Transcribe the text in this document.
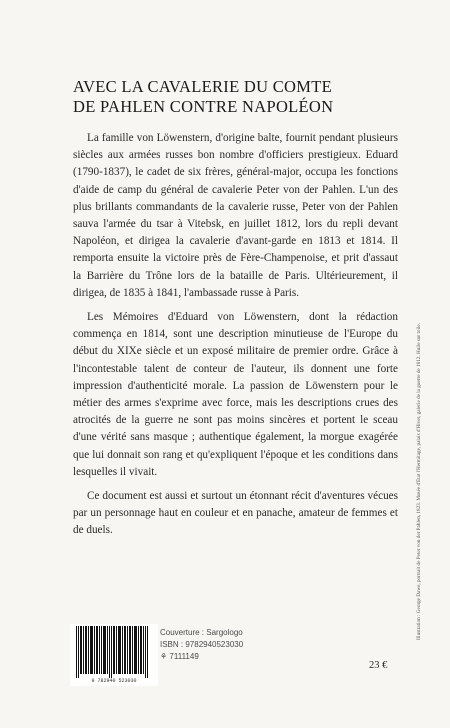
AVEC LA CAVALERIE DU COMTE
DE PAHLEN CONTRE NAPOLÉON

La famille von Löwenstern, d'origine balte, fournit pendant plusieurs siècles aux armées russes bon nombre d'officiers prestigieux. Eduard (1790-1837), le cadet de six frères, général-major, occupa les fonctions d'aide de camp du général de cavalerie Peter von der Pahlen. L'un des plus brillants commandants de la cavalerie russe, Peter von der Pahlen sauva l'armée du tsar à Vitebsk, en juillet 1812, lors du repli devant Napoléon, et dirigea la cavalerie d'avant-garde en 1813 et 1814. Il remporta ensuite la victoire près de Fère-Champenoise, et prit d'assaut la Barrière du Trône lors de la bataille de Paris. Ultérieurement, il dirigea, de 1835 à 1841, l'ambassade russe à Paris.

Les Mémoires d'Eduard von Löwenstern, dont la rédaction commença en 1814, sont une description minutieuse de l'Europe du début du XIXe siècle et un exposé militaire de premier ordre. Grâce à l'incontestable talent de conteur de l'auteur, ils donnent une forte impression d'authenticité morale. La passion de Löwenstern pour le métier des armes s'exprime avec force, mais les descriptions crues des atrocités de la guerre ne sont pas moins sincères et portent le sceau d'une vérité sans masque ; authentique également, la morgue exagérée que lui donnait son rang et qu'expliquent l'époque et les conditions dans lesquelles il vivait.

Ce document est aussi et surtout un étonnant récit d'aventures vécues par un personnage haut en couleur et en panache, amateur de femmes et de duels.	Illustration : George Dawe, portrait de Peter von der Pahlen, 1823. Musée d'État l'Hermitage, palais d'Hiver, galerie de la guerre de 1812. Huile sur toile.
9 782940 523030
Couverture : Sargologo
ISBN : 9782940523030
⚘ 7111149
23 €
